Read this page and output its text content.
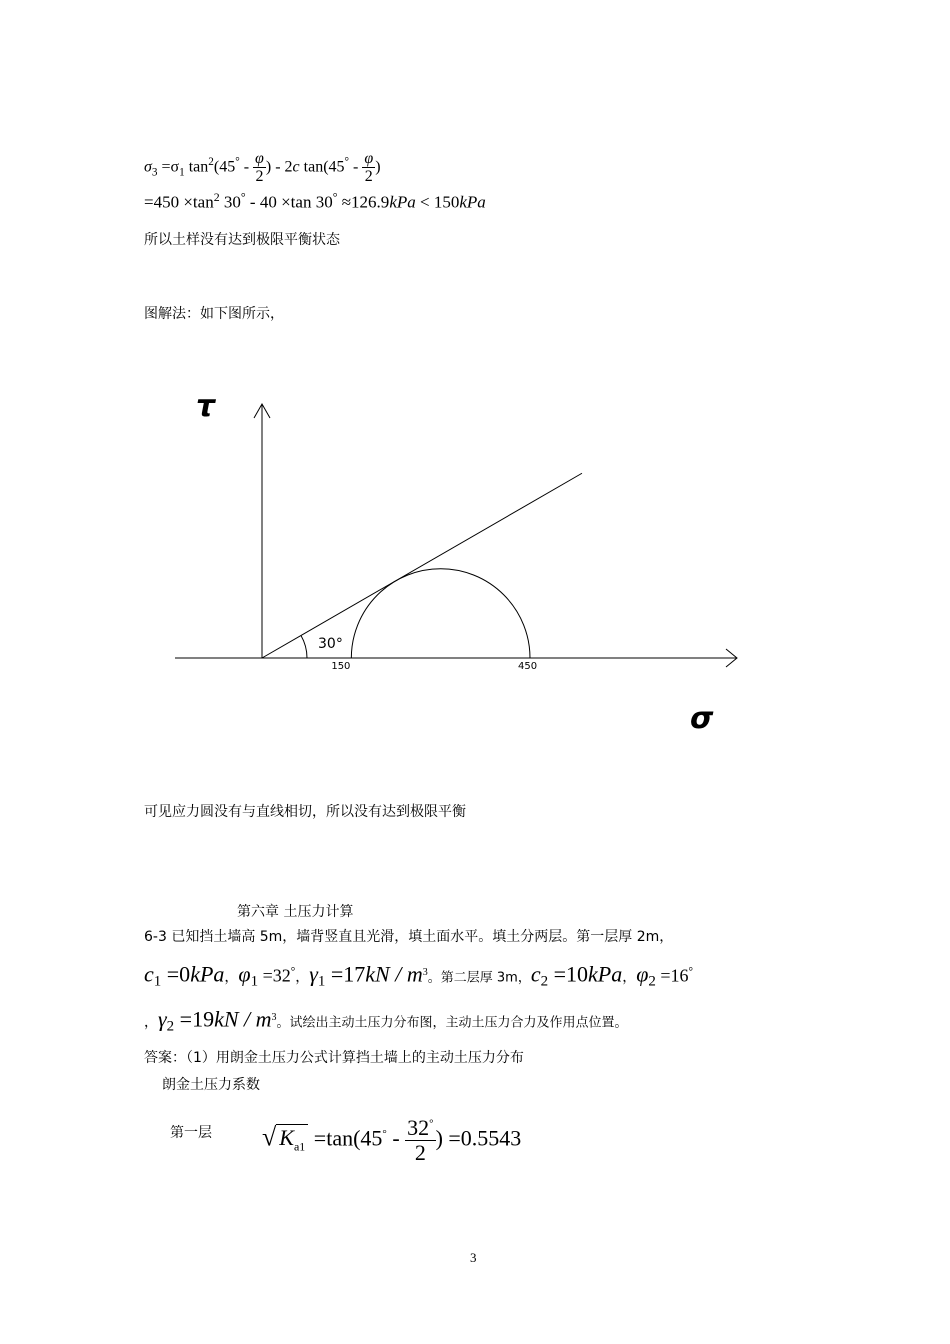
$\sigma_3 =\sigma_1$ $\tan^2(45^\circ - \frac{\varphi}{2}$ ) - 2c $\tan(45^\circ - \frac{\varphi}{2}$ )
$=450 \times\tan^2$ 30° - 40 ×tan 30° ≈126.9kPa < 150kPa
所以土样没有达到极限平衡状态
图解法：如下图所示，
30°
150	450
τ
σ
可见应力圆没有与直线相切，所以没有达到极限平衡
第六章 土压力计算
6-3 已知挡土墙高 5m，墙背竖直且光滑，填土面水平。填土分两层。第一层厚 2m，
$c_1 =0kPa$，$\varphi_1 =32^\circ$，$\gamma_1 =17kN / m^3$。第二层厚 3m，$c_2 =10kPa$，$\varphi_2 =16^\circ$
，$\gamma_2 =19kN / m^3$。试绘出主动土压力分布图，主动土压力合力及作用点位置。
答案：（1）用朗金土压力公式计算挡土墙上的主动土压力分布
朗金土压力系数
第一层 √ $K_{a1} =\tan(45^\circ - \frac{32^\circ}{2}$ ) =0.5543
3
